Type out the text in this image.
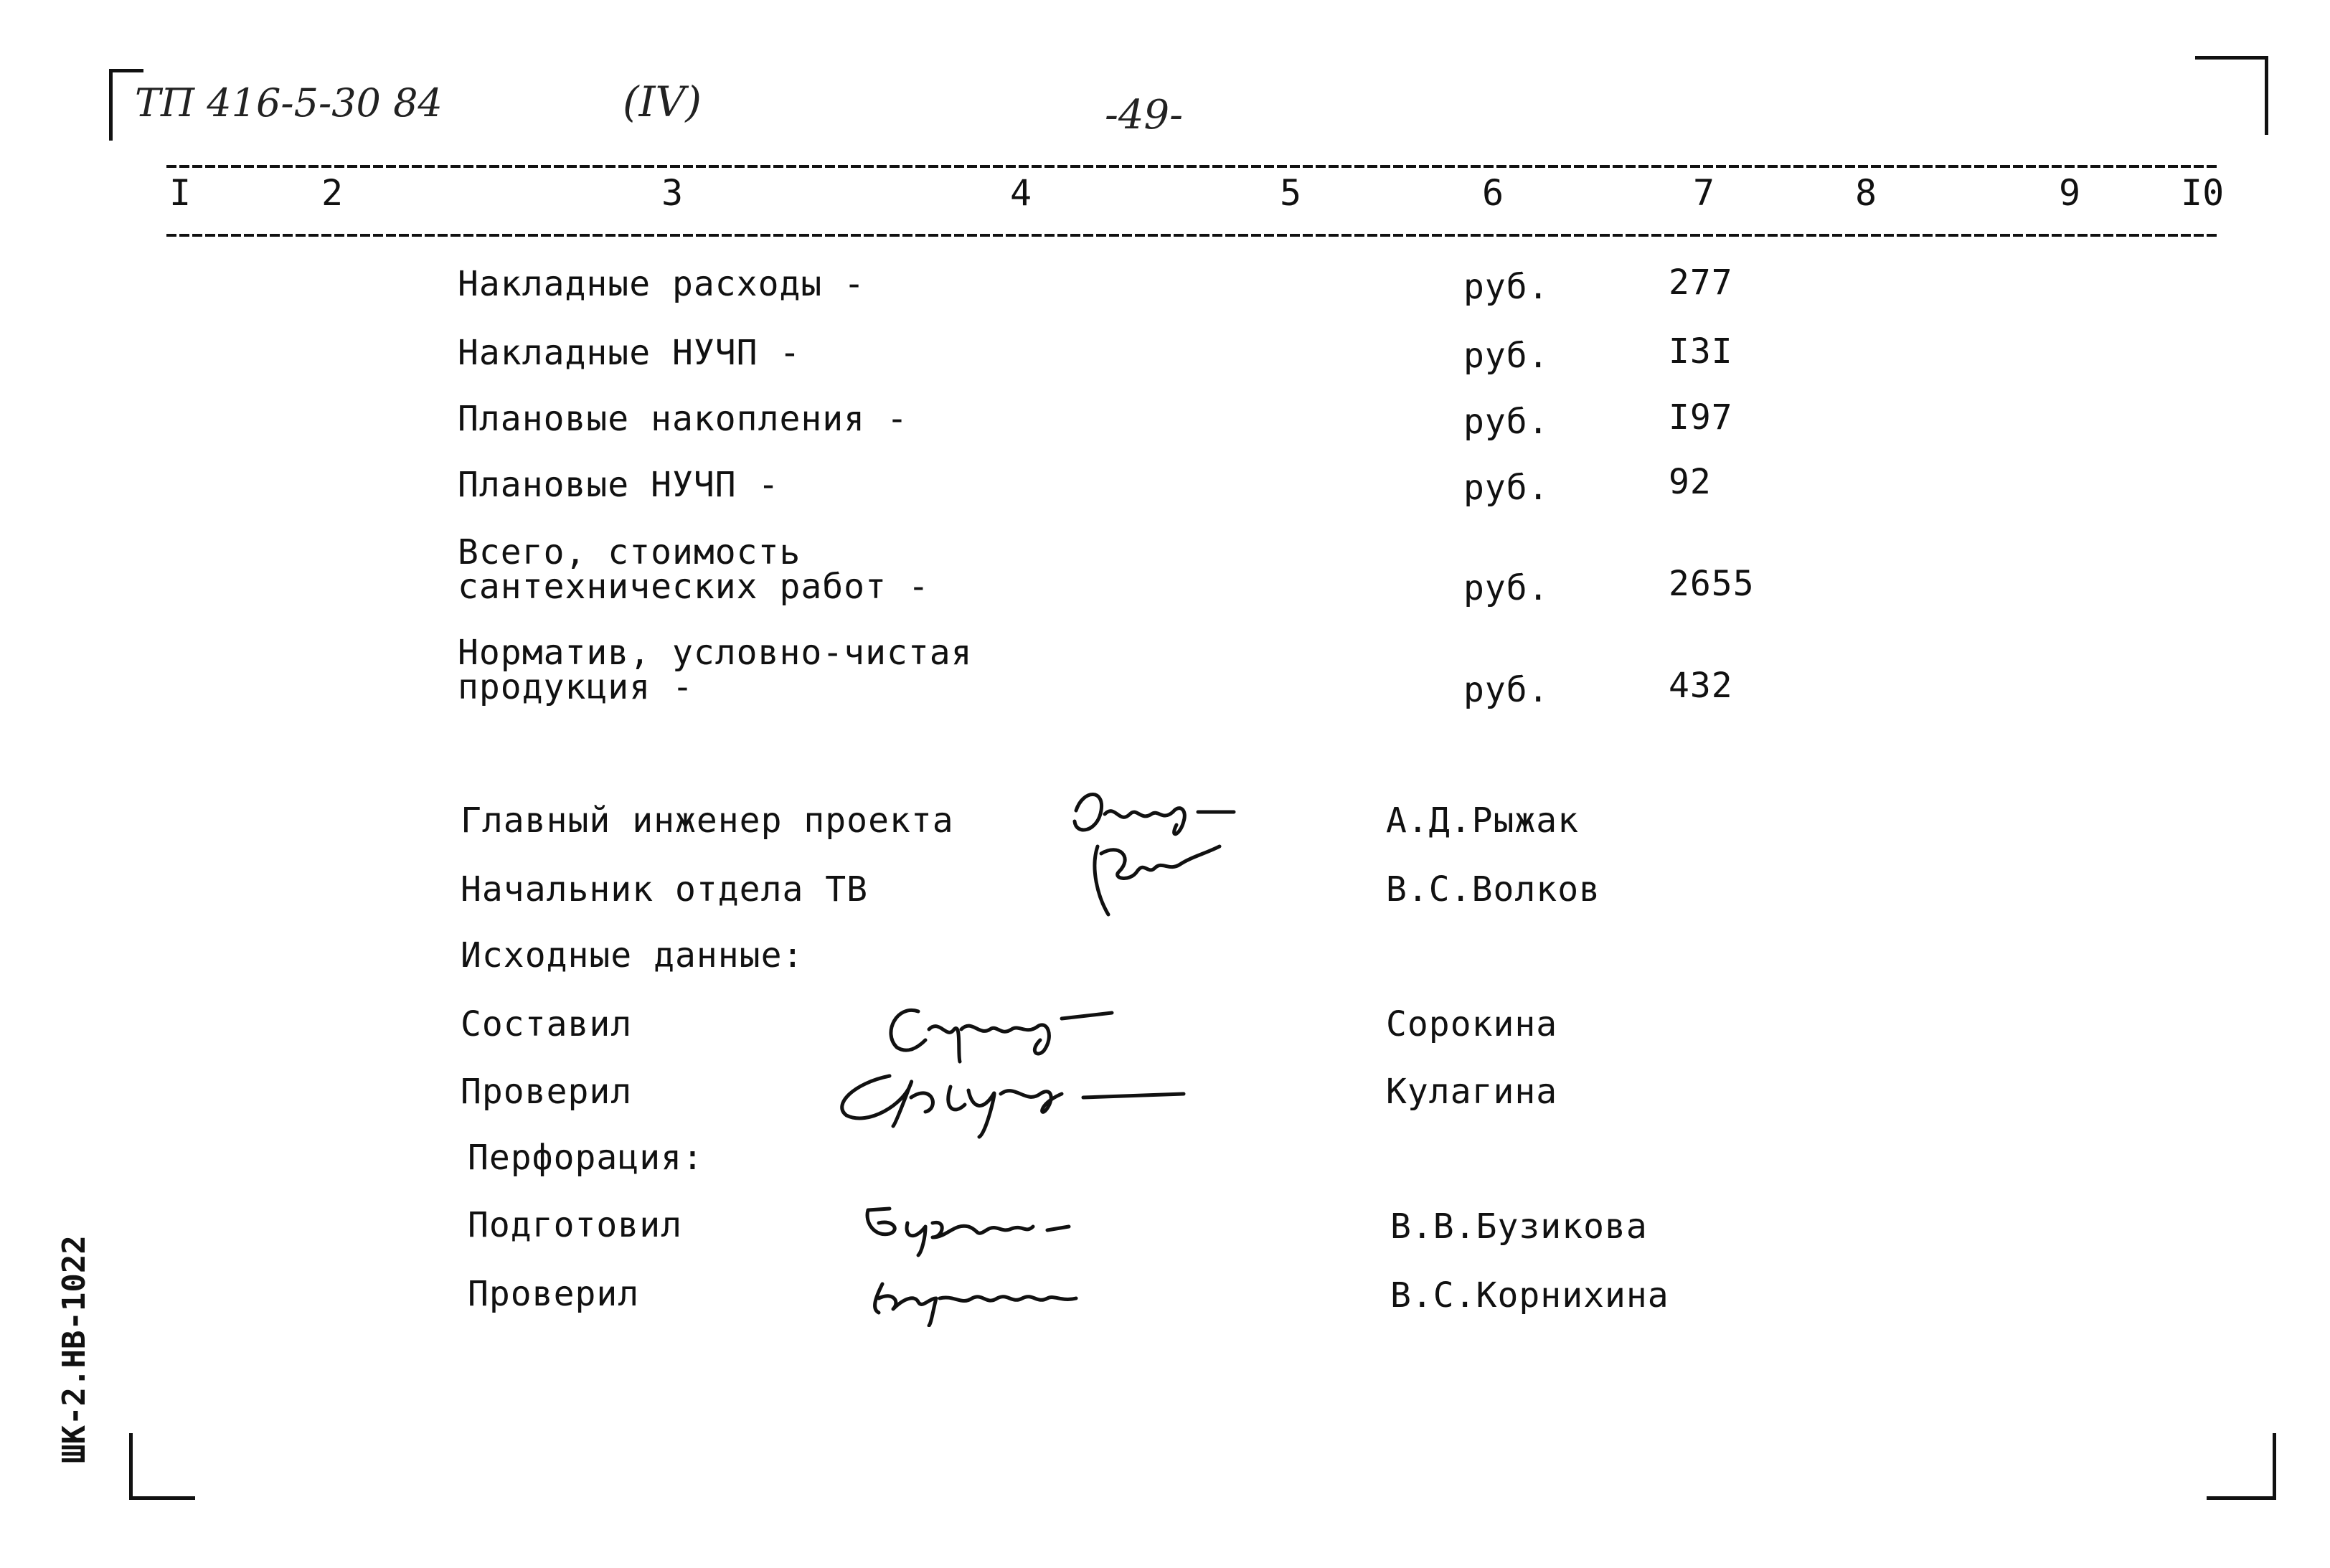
ТП 416-5-30 84	(IV)	-49-
I	2	3	4	5	6	7	8	9	I0
Накладные расходы -	руб.	277
Накладные НУЧП -	руб.	I3I
Плановые накопления -	руб.	I97
Плановые НУЧП -	руб.	92
Всего, стоимость
сантехнических работ -	руб.	2655
Норматив, условно-чистая
продукция -	руб.	432
Главный инженер проекта	А.Д.Рыжак
Начальник отдела ТВ	В.С.Волков
Исходные данные:
Составил	Сорокина
Проверил	Кулагина
Перфорация:
Подготовил	В.В.Бузикова
Проверил	В.С.Корнихина
ШК-2.НВ-1022
